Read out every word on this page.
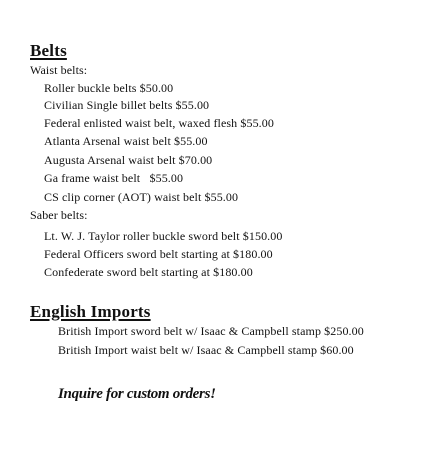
Belts
Waist belts:
Roller buckle belts $50.00
Civilian Single billet belts $55.00
Federal enlisted waist belt, waxed flesh $55.00
Atlanta Arsenal waist belt $55.00
Augusta Arsenal waist belt $70.00
Ga frame waist belt   $55.00
CS clip corner (AOT) waist belt $55.00
Saber belts:
Lt. W. J. Taylor roller buckle sword belt $150.00
Federal Officers sword belt starting at $180.00
Confederate sword belt starting at $180.00
English Imports
British Import sword belt w/ Isaac & Campbell stamp $250.00
British Import waist belt w/ Isaac & Campbell stamp $60.00
Inquire for custom orders!
